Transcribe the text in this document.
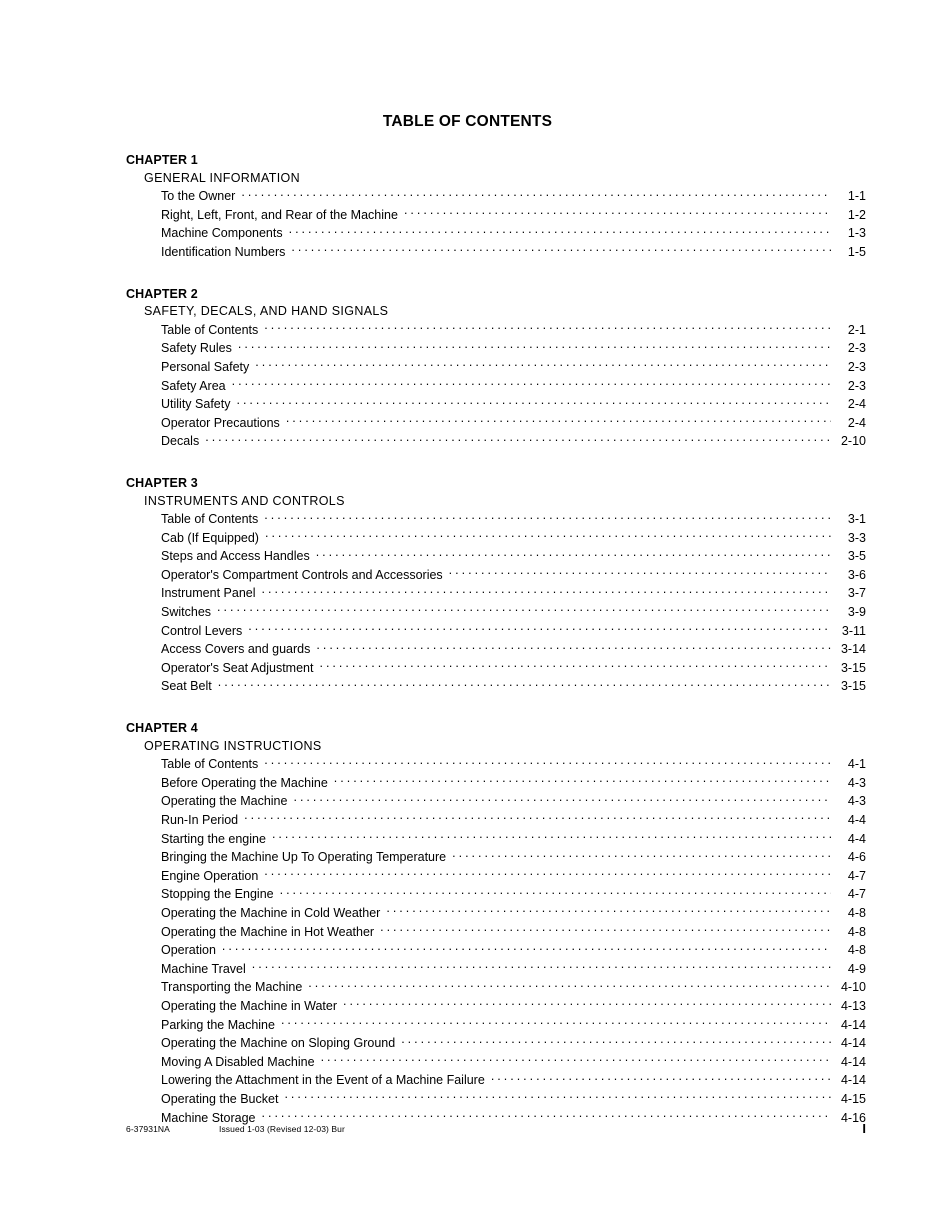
TABLE OF CONTENTS
CHAPTER 1
GENERAL INFORMATION
To the Owner .....	1-1
Right, Left, Front, and Rear of the Machine .....	1-2
Machine Components .....	1-3
Identification Numbers .....	1-5
CHAPTER 2
SAFETY, DECALS, AND HAND SIGNALS
Table of Contents .....	2-1
Safety Rules .....	2-3
Personal Safety .....	2-3
Safety Area .....	2-3
Utility Safety .....	2-4
Operator Precautions .....	2-4
Decals .....	2-10
CHAPTER 3
INSTRUMENTS AND CONTROLS
Table of Contents .....	3-1
Cab (If Equipped) .....	3-3
Steps and Access Handles .....	3-5
Operator's Compartment Controls and Accessories .....	3-6
Instrument Panel .....	3-7
Switches .....	3-9
Control Levers .....	3-11
Access Covers and guards .....	3-14
Operator's Seat Adjustment .....	3-15
Seat Belt .....	3-15
CHAPTER 4
OPERATING INSTRUCTIONS
Table of Contents .....	4-1
Before Operating the Machine .....	4-3
Operating the Machine .....	4-3
Run-In Period .....	4-4
Starting the engine .....	4-4
Bringing the Machine Up To Operating Temperature .....	4-6
Engine Operation .....	4-7
Stopping the Engine .....	4-7
Operating the Machine in Cold Weather .....	4-8
Operating the Machine in Hot Weather .....	4-8
Operation .....	4-8
Machine Travel .....	4-9
Transporting the Machine .....	4-10
Operating the Machine in Water .....	4-13
Parking the Machine .....	4-14
Operating the Machine on Sloping Ground .....	4-14
Moving A Disabled Machine .....	4-14
Lowering the Attachment in the Event of a Machine Failure .....	4-14
Operating the Bucket .....	4-15
Machine Storage .....	4-16
6-37931NA	Issued 1-03 (Revised 12-03) Bur	I
